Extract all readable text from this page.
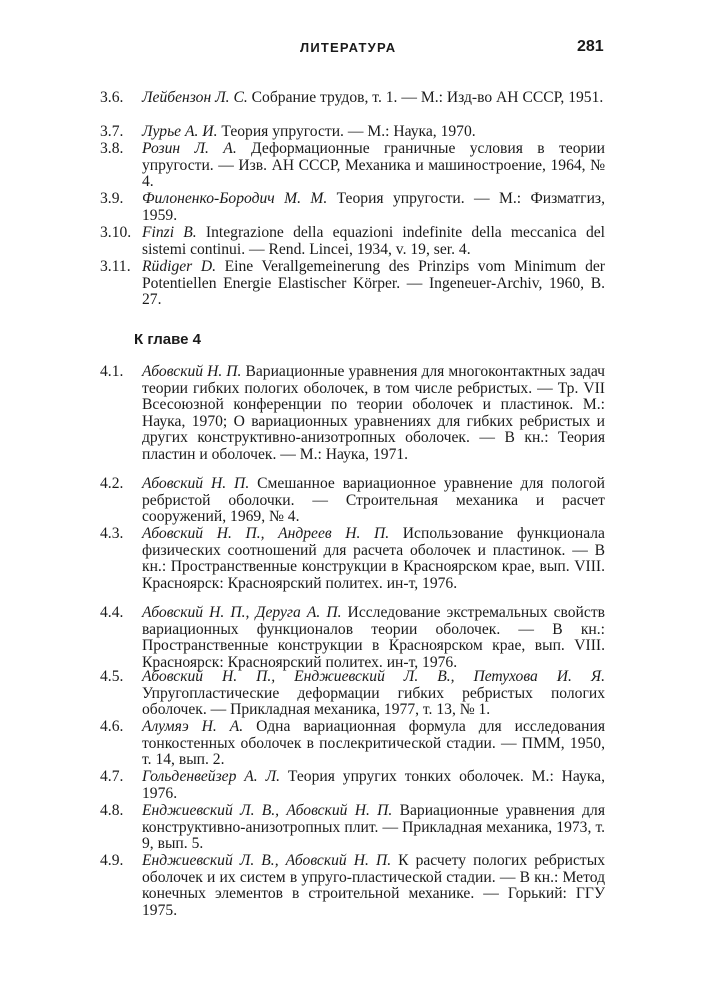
ЛИТЕРАТУРА	281
3.6. Лейбензон Л. С. Собрание трудов, т. 1. — М.: Изд-во АН СССР, 1951.
3.7. Лурье А. И. Теория упругости. — М.: Наука, 1970.
3.8. Розин Л. А. Деформационные граничные условия в теории упругости. — Изв. АН СССР, Механика и машиностроение, 1964, № 4.
3.9. Филоненко-Бородич М. М. Теория упругости. — М.: Физматгиз, 1959.
3.10. Finzi B. Integrazione della equazioni indefinite della meccanica del sistemi continui. — Rend. Lincei, 1934, v. 19, ser. 4.
3.11. Rüdiger D. Eine Verallgemeinerung des Prinzips vom Minimum der Potentiellen Energie Elastischer Körper. — Ingeneuer-Archiv, 1960, B. 27.
К главе 4
4.1. Абовский Н. П. Вариационные уравнения для многоконтактных задач теории гибких пологих оболочек, в том числе ребристых. — Тр. VII Всесоюзной конференции по теории оболочек и пластинок. М.: Наука, 1970; О вариационных уравнениях для гибких ребристых и других конструктивно-анизотропных оболочек. — В кн.: Теория пластин и оболочек. — М.: Наука, 1971.
4.2. Абовский Н. П. Смешанное вариационное уравнение для пологой ребристой оболочки. — Строительная механика и расчет сооружений, 1969, № 4.
4.3. Абовский Н. П., Андреев Н. П. Использование функционала физических соотношений для расчета оболочек и пластинок. — В кн.: Пространственные конструкции в Красноярском крае, вып. VIII. Красноярск: Красноярский политех. ин-т, 1976.
4.4. Абовский Н. П., Деруга А. П. Исследование экстремальных свойств вариационных функционалов теории оболочек. — В кн.: Пространственные конструкции в Красноярском крае, вып. VIII. Красноярск: Красноярский политех. ин-т, 1976.
4.5. Абовский Н. П., Енджиевский Л. В., Петухова И. Я. Упругопластические деформации гибких ребристых пологих оболочек. — Прикладная механика, 1977, т. 13, № 1.
4.6. Алумяэ Н. А. Одна вариационная формула для исследования тонкостенных оболочек в послекритической стадии. — ПММ, 1950, т. 14, вып. 2.
4.7. Гольденвейзер А. Л. Теория упругих тонких оболочек. М.: Наука, 1976.
4.8. Енджиевский Л. В., Абовский Н. П. Вариационные уравнения для конструктивно-анизотропных плит. — Прикладная механика, 1973, т. 9, вып. 5.
4.9. Енджиевский Л. В., Абовский Н. П. К расчету пологих ребристых оболочек и их систем в упруго-пластической стадии. — В кн.: Метод конечных элементов в строительной механике. — Горький: ГГУ 1975.
